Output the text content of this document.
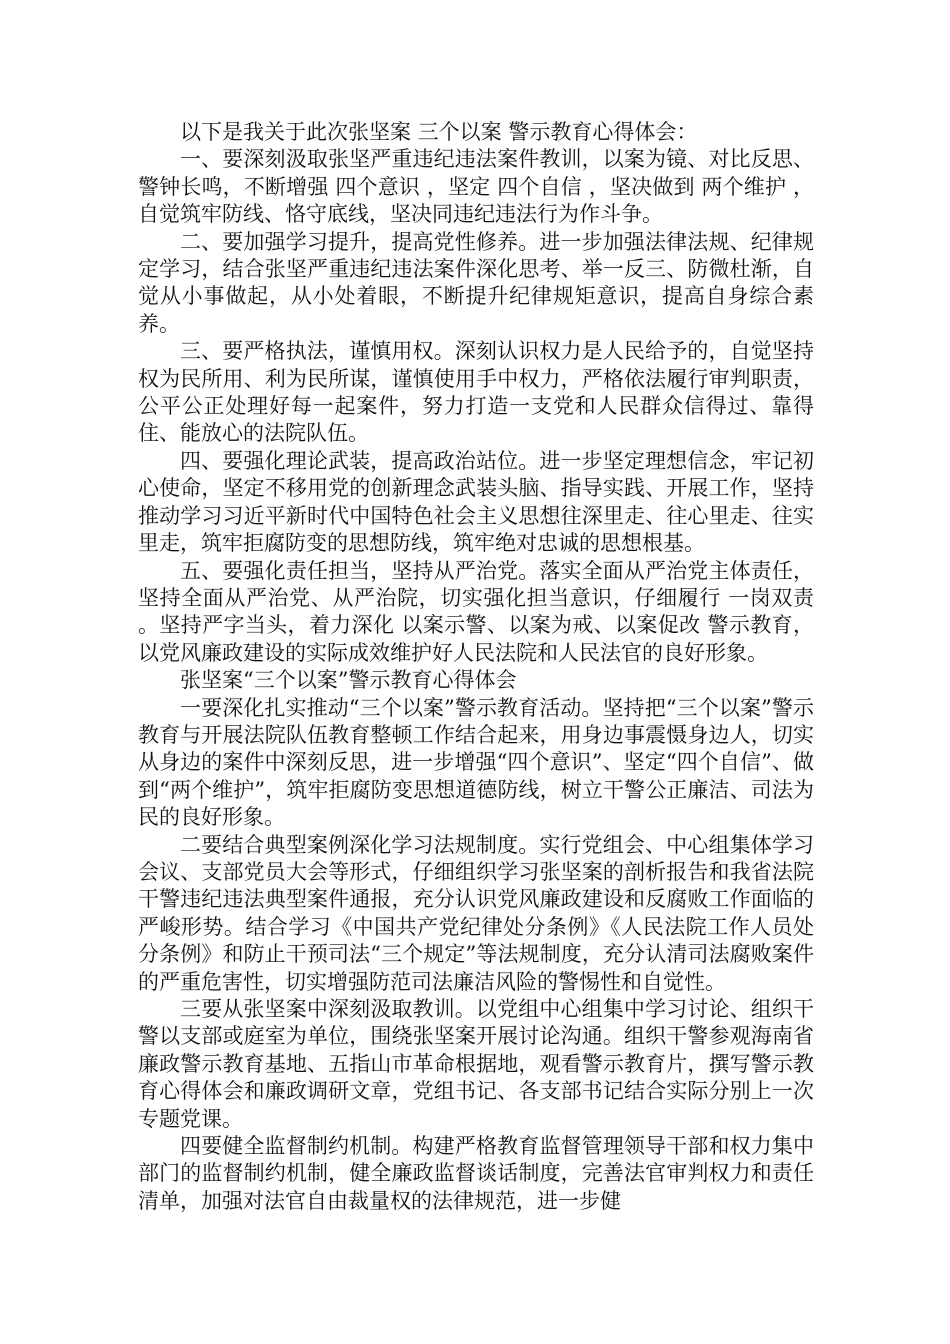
以下是我关于此次张坚案 三个以案 警示教育心得体会：

一、要深刻汲取张坚严重违纪违法案件教训，以案为镜、对比反思、警钟长鸣，不断增强 四个意识 ，坚定 四个自信 ，坚决做到 两个维护 ，自觉筑牢防线、恪守底线，坚决同违纪违法行为作斗争。

二、要加强学习提升，提高党性修养。进一步加强法律法规、纪律规定学习，结合张坚严重违纪违法案件深化思考、举一反三、防微杜渐，自觉从小事做起，从小处着眼，不断提升纪律规矩意识，提高自身综合素养。

三、要严格执法，谨慎用权。深刻认识权力是人民给予的，自觉坚持权为民所用、利为民所谋，谨慎使用手中权力，严格依法履行审判职责，公平公正处理好每一起案件，努力打造一支党和人民群众信得过、靠得住、能放心的法院队伍。

四、要强化理论武装，提高政治站位。进一步坚定理想信念，牢记初心使命，坚定不移用党的创新理念武装头脑、指导实践、开展工作，坚持推动学习习近平新时代中国特色社会主义思想往深里走、往心里走、往实里走，筑牢拒腐防变的思想防线，筑牢绝对忠诚的思想根基。

五、要强化责任担当，坚持从严治党。落实全面从严治党主体责任，坚持全面从严治党、从严治院，切实强化担当意识，仔细履行 一岗双责 。坚持严字当头，着力深化 以案示警、以案为戒、以案促改 警示教育，以党风廉政建设的实际成效维护好人民法院和人民法官的良好形象。

张坚案“三个以案”警示教育心得体会

一要深化扎实推动“三个以案”警示教育活动。坚持把“三个以案”警示教育与开展法院队伍教育整顿工作结合起来，用身边事震慑身边人，切实从身边的案件中深刻反思，进一步增强“四个意识”、坚定“四个自信”、做到“两个维护”，筑牢拒腐防变思想道德防线，树立干警公正廉洁、司法为民的良好形象。

二要结合典型案例深化学习法规制度。实行党组会、中心组集体学习会议、支部党员大会等形式，仔细组织学习张坚案的剖析报告和我省法院干警违纪违法典型案件通报，充分认识党风廉政建设和反腐败工作面临的严峻形势。结合学习《中国共产党纪律处分条例》《人民法院工作人员处分条例》和防止干预司法“三个规定”等法规制度，充分认清司法腐败案件的严重危害性，切实增强防范司法廉洁风险的警惕性和自觉性。

三要从张坚案中深刻汲取教训。以党组中心组集中学习讨论、组织干警以支部或庭室为单位，围绕张坚案开展讨论沟通。组织干警参观海南省廉政警示教育基地、五指山市革命根据地，观看警示教育片，撰写警示教育心得体会和廉政调研文章，党组书记、各支部书记结合实际分别上一次专题党课。

四要健全监督制约机制。构建严格教育监督管理领导干部和权力集中部门的监督制约机制，健全廉政监督谈话制度，完善法官审判权力和责任清单，加强对法官自由裁量权的法律规范，进一步健
